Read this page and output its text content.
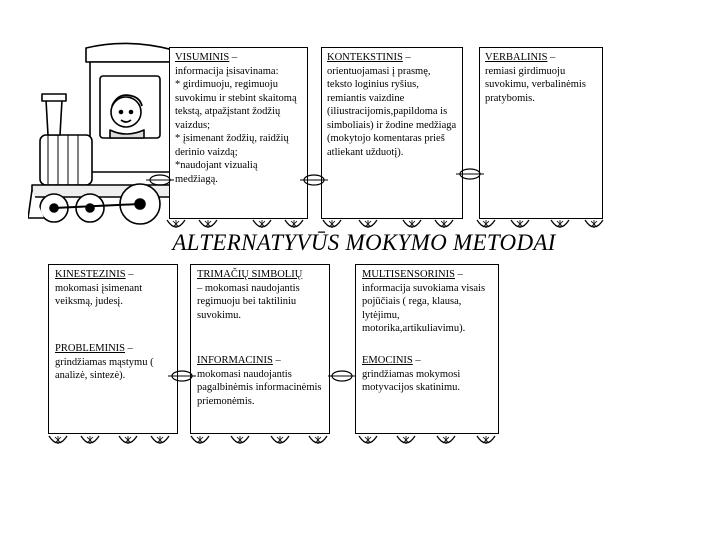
VISUMINIS –
informacija įsisavinama:
* girdimuoju, regimuoju suvokimu ir stebint skaitomą tekstą, atpažįstant žodžių vaizdus;
* įsimenant žodžių, raidžių derinio vaizdą;
*naudojant vizualią medžiagą.
KONTEKSTINIS –
orientuojamasi į prasmę, teksto loginius ryšius, remiantis vaizdine (iliustracijomis,papildoma is simboliais) ir žodine medžiaga (mokytojo komentaras prieš atliekant užduotį).
VERBALINIS –
remiasi girdimuoju suvokimu, verbalinėmis pratybomis.
ALTERNATYVŪS MOKYMO METODAI
KINESTEZINIS –
mokomasi įsimenant veiksmą, judesį.
PROBLEMINIS –
grindžiamas mąstymu ( analizė, sintezė).
TRIMAČIŲ SIMBOLIŲ
– mokomasi naudojantis regimuoju bei taktiliniu suvokimu.
INFORMACINIS –
mokomasi naudojantis pagalbinėmis informacinėmis priemonėmis.
MULTISENSORINIS –
informacija suvokiama visais pojūčiais ( rega, klausa, lytėjimu, motorika,artikuliavimu).
EMOCINIS –
grindžiamas mokymosi motyvacijos skatinimu.
